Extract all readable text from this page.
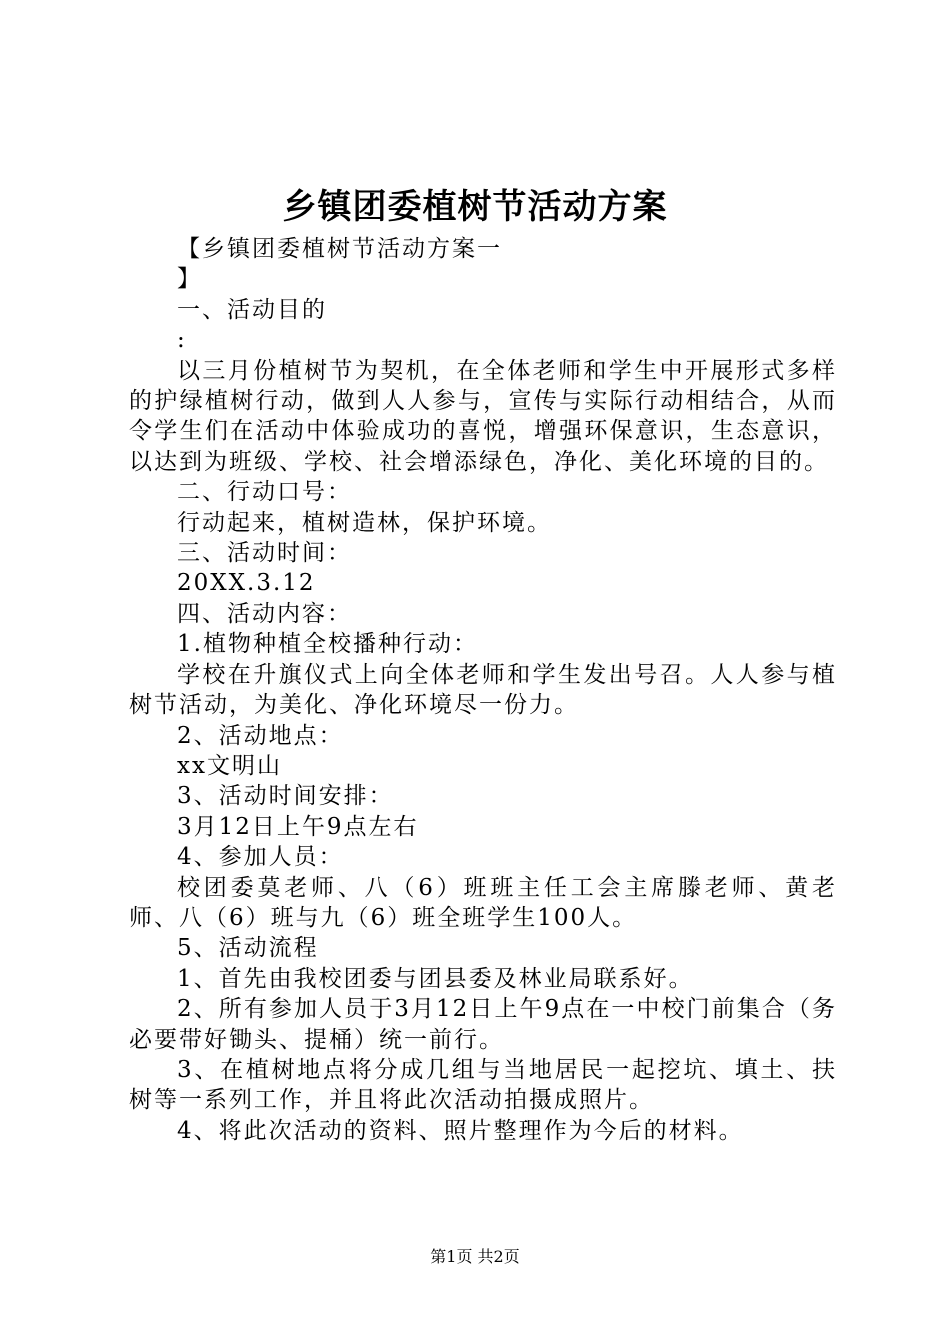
乡镇团委植树节活动方案

【乡镇团委植树节活动方案一

】

一、活动目的

:

以三月份植树节为契机，在全体老师和学生中开展形式多样的护绿植树行动，做到人人参与，宣传与实际行动相结合，从而令学生们在活动中体验成功的喜悦，增强环保意识，生态意识，以达到为班级、学校、社会增添绿色，净化、美化环境的目的。

二、行动口号：

行动起来，植树造林，保护环境。

三、活动时间：

20XX.3.12

四、活动内容：

1.植物种植全校播种行动：

学校在升旗仪式上向全体老师和学生发出号召。人人参与植树节活动，为美化、净化环境尽一份力。

2、活动地点：

xx文明山

3、活动时间安排：

3月12日上午9点左右

4、参加人员：

校团委莫老师、八（6）班班主任工会主席滕老师、黄老师、八（6）班与九（6）班全班学生100人。

5、活动流程

1、首先由我校团委与团县委及林业局联系好。

2、所有参加人员于3月12日上午9点在一中校门前集合（务必要带好锄头、提桶）统一前行。

3、在植树地点将分成几组与当地居民一起挖坑、填土、扶树等一系列工作，并且将此次活动拍摄成照片。

4、将此次活动的资料、照片整理作为今后的材料。

第1页 共2页
